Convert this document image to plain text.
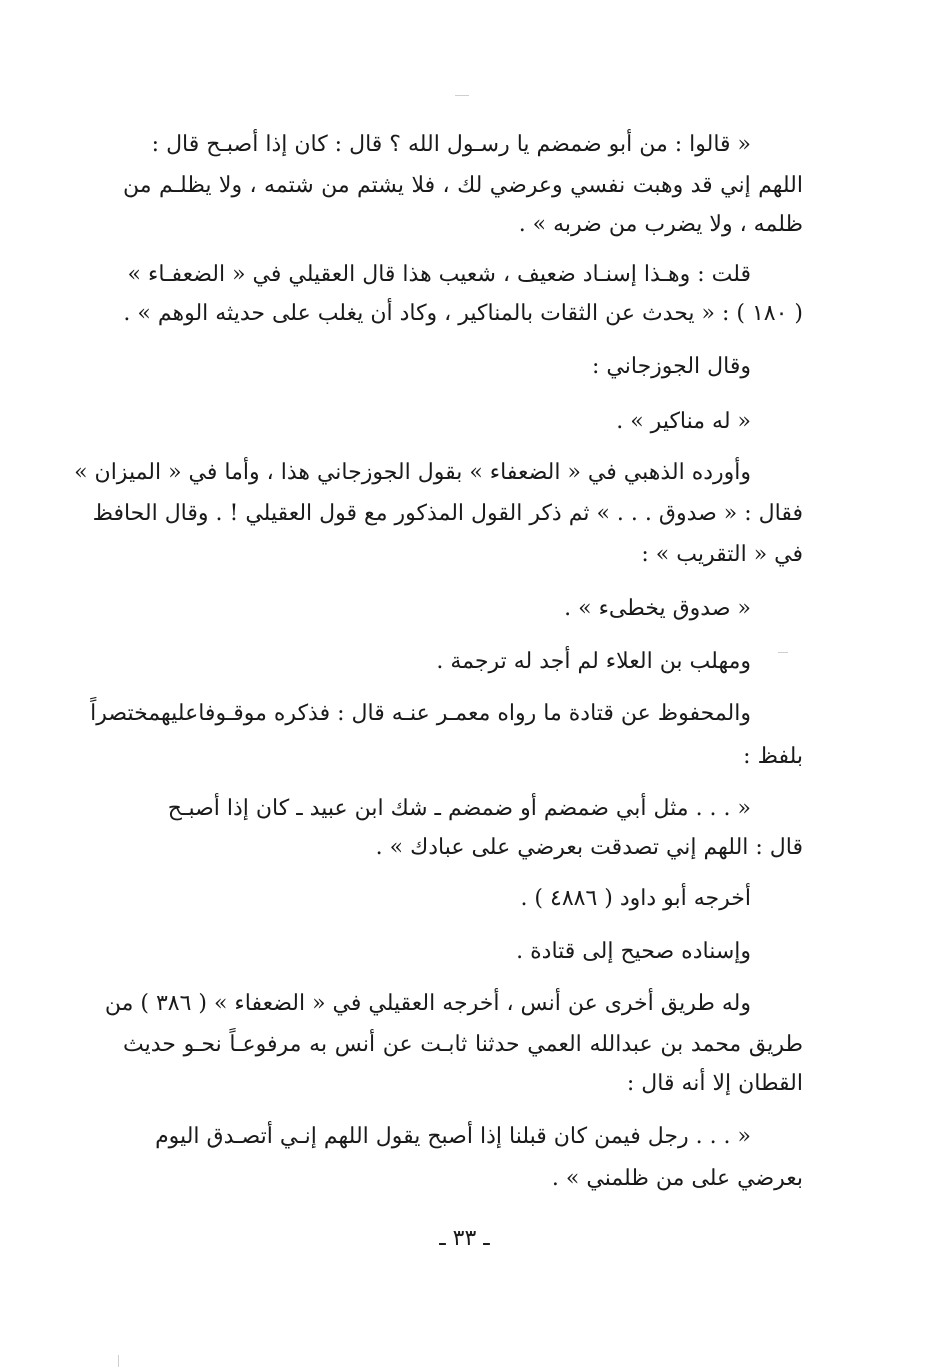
« قالوا : من أبو ضمضم يا رسـول الله ؟ قال : كان إذا أصبـح قال :
اللهم إني قد وهبت نفسي وعرضي لك ، فلا يشتم من شتمه ، ولا يظلـم من
ظلمه ، ولا يضرب من ضربه » .
قلت : وهـذا إسنـاد ضعيف ، شعيب هذا قال العقيلي في « الضعفـاء »
( ١٨٠ ) : « يحدث عن الثقات بالمناكير ، وكاد أن يغلب على حديثه الوهم » .
وقال الجوزجاني :
« له مناكير » .
وأورده الذهبي في « الضعفاء » بقول الجوزجاني هذا ، وأما في « الميزان »
فقال : « صدوق . . . » ثم ذكر القول المذكور مع قول العقيلي ! . وقال الحافظ
في « التقريب » :
« صدوق يخطىء » .
ومهلب بن العلاء لم أجد له ترجمة .
والمحفوظ عن قتادة ما رواه معمـر عنـه قال : فذكره موقـوفاعليهمختصراً
بلفظ :
« . . . مثل أبي ضمضم أو ضمضم ـ شك ابن عبيد ـ كان إذا أصبـح
قال : اللهم إني تصدقت بعرضي على عبادك » .
أخرجه أبو داود ( ٤٨٨٦ ) .
وإسناده صحيح إلى قتادة .
وله طريق أخرى عن أنس ، أخرجه العقيلي في « الضعفاء » ( ٣٨٦ ) من
طريق محمد بن عبدالله العمي حدثنا ثابـت عن أنس به مرفوعـاً نحـو حديث
القطان إلا أنه قال :
« . . . رجل فيمن كان قبلنا إذا أصبح يقول اللهم إنـي أتصـدق اليوم
بعرضي على من ظلمني » .
ـ ٣٣ ـ
